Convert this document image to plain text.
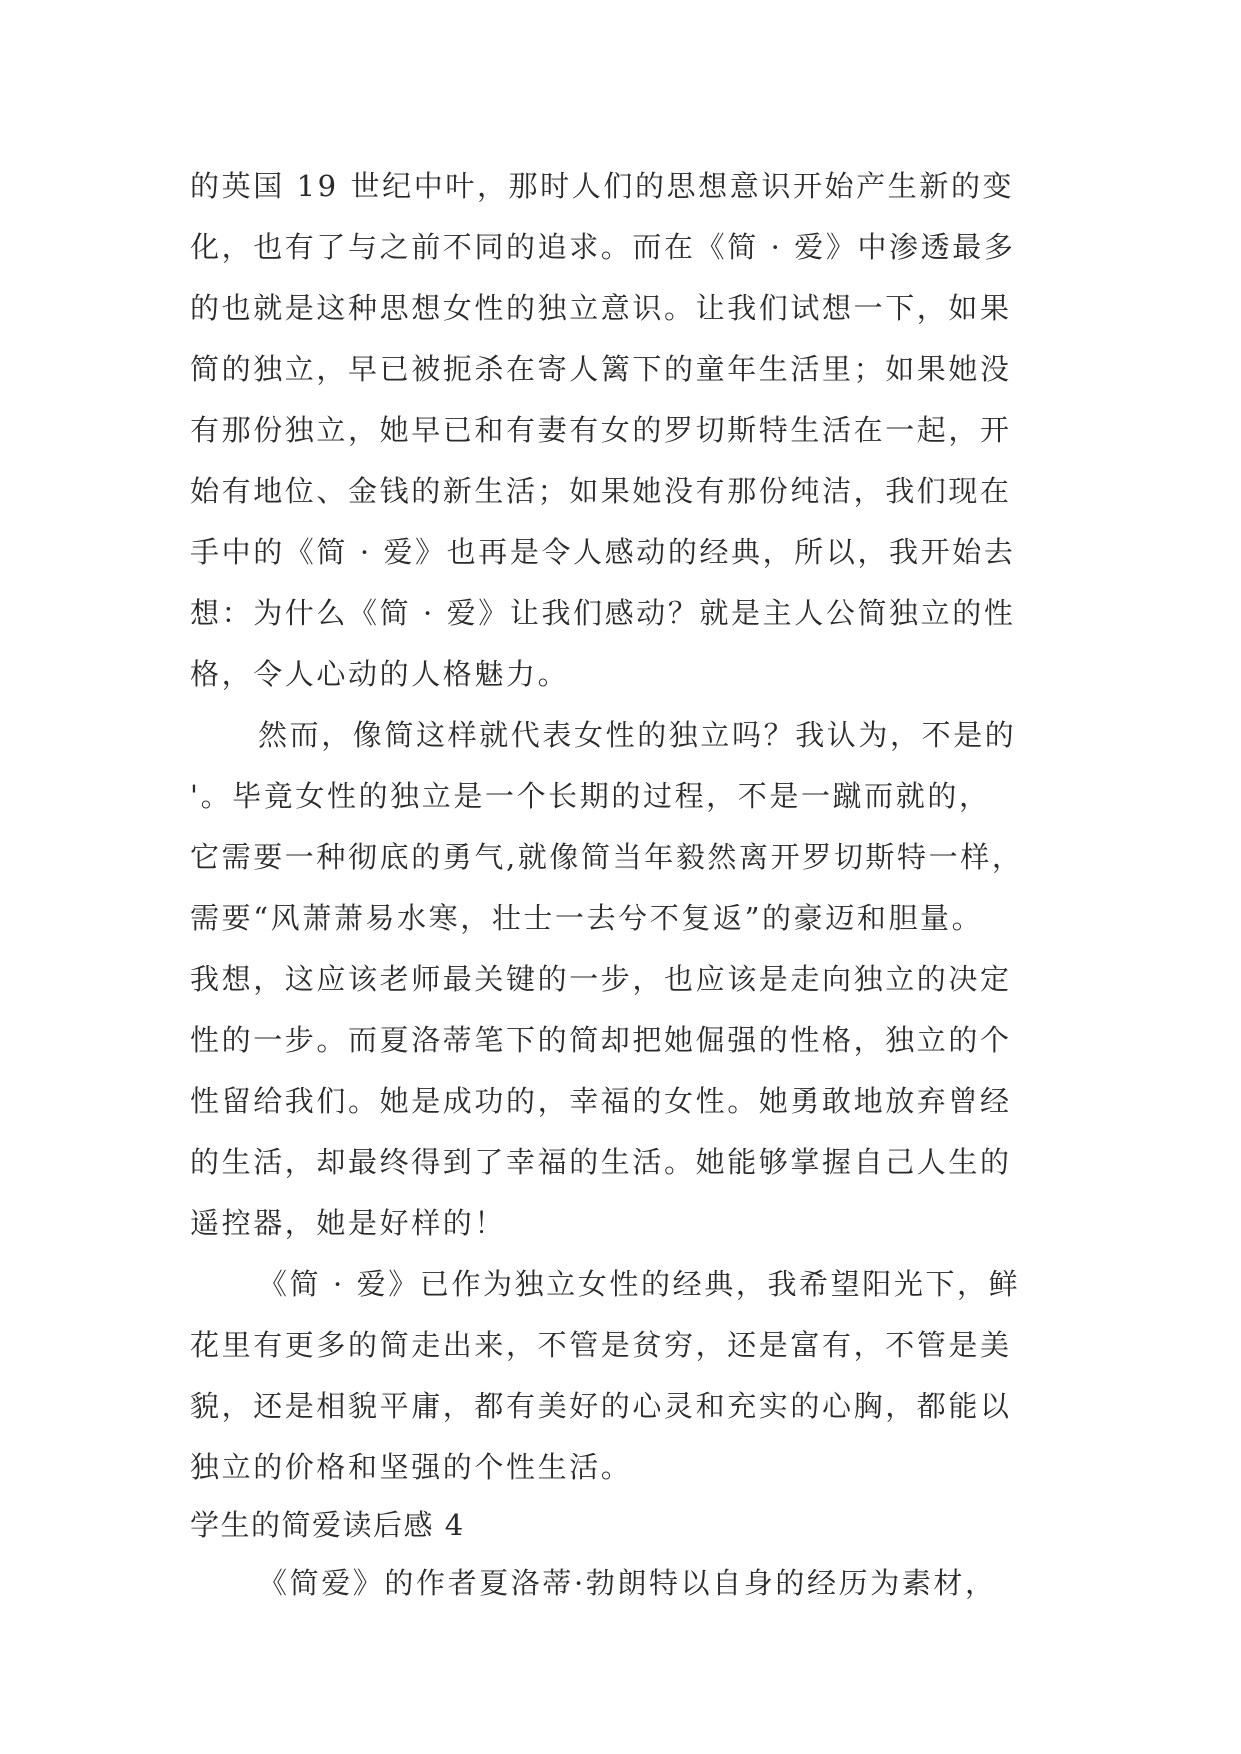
的英国 19 世纪中叶，那时人们的思想意识开始产生新的变
化，也有了与之前不同的追求。而在《简 · 爱》中渗透最多
的也就是这种思想女性的独立意识。让我们试想一下，如果
简的独立，早已被扼杀在寄人篱下的童年生活里；如果她没
有那份独立，她早已和有妻有女的罗切斯特生活在一起，开
始有地位、金钱的新生活；如果她没有那份纯洁，我们现在
手中的《简 · 爱》也再是令人感动的经典，所以，我开始去
想：为什么《简 · 爱》让我们感动？就是主人公简独立的性
格，令人心动的人格魅力。
然而，像简这样就代表女性的独立吗？我认为，不是的
'。毕竟女性的独立是一个长期的过程，不是一蹴而就的，
它需要一种彻底的勇气,就像简当年毅然离开罗切斯特一样，
需要“风萧萧易水寒，壮士一去兮不复返”的豪迈和胆量。
我想，这应该老师最关键的一步，也应该是走向独立的决定
性的一步。而夏洛蒂笔下的简却把她倔强的性格，独立的个
性留给我们。她是成功的，幸福的女性。她勇敢地放弃曾经
的生活，却最终得到了幸福的生活。她能够掌握自己人生的
遥控器，她是好样的！
《简 · 爱》已作为独立女性的经典，我希望阳光下，鲜
花里有更多的简走出来，不管是贫穷，还是富有，不管是美
貌，还是相貌平庸，都有美好的心灵和充实的心胸，都能以
独立的价格和坚强的个性生活。
学生的简爱读后感 4
《简爱》的作者夏洛蒂·勃朗特以自身的经历为素材，
